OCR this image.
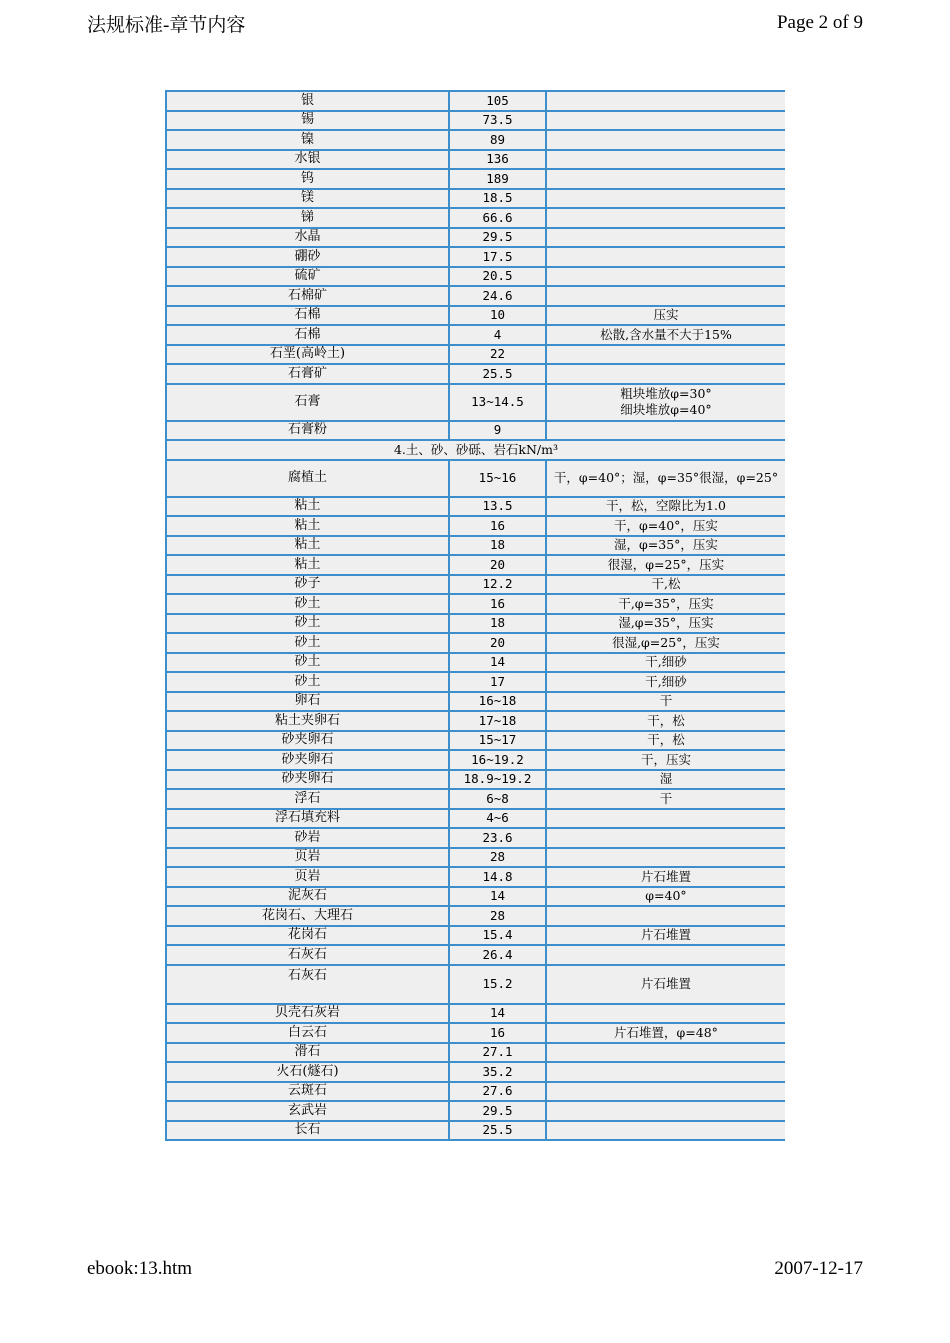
法规标准-章节内容	Page 2 of 9
银	105	
锡	73.5	
镍	89	
水银	136	
钨	189	
镁	18.5	
锑	66.6	
水晶	29.5	
硼砂	17.5	
硫矿	20.5	
石棉矿	24.6	
石棉	10	压实
石棉	4	松散,含水量不大于15%
石垩(高岭土)	22	
石膏矿	25.5	
石膏	13~14.5	粗块堆放φ=30°
细块堆放φ=40°

石膏粉	9	
4.土、砂、砂砾、岩石kN/m³		
腐植土	15~16	干，φ=40°；湿，φ=35°很湿，φ=25°
粘土	13.5	干，松，空隙比为1.0
粘土	16	干，φ=40°，压实
粘土	18	湿，φ=35°，压实
粘土	20	很湿，φ=25°，压实
砂子	12.2	干,松
砂土	16	干,φ=35°，压实
砂土	18	湿,φ=35°，压实
砂土	20	很湿,φ=25°，压实
砂土	14	干,细砂
砂土	17	干,细砂
卵石	16~18	干
粘土夹卵石	17~18	干，松
砂夹卵石	15~17	干，松
砂夹卵石	16~19.2	干，压实
砂夹卵石	18.9~19.2	湿
浮石	6~8	干
浮石填充料	4~6	
砂岩	23.6	
页岩	28	
页岩	14.8	片石堆置
泥灰石	14	φ=40°
花岗石、大理石	28	
花岗石	15.4	片石堆置
石灰石	26.4	
石灰石	15.2	片石堆置
贝壳石灰岩	14	
白云石	16	片石堆置，φ=48°
滑石	27.1	
火石(燧石)	35.2	
云斑石	27.6	
玄武岩	29.5	
长石	25.5	
ebook:13.htm	2007-12-17
